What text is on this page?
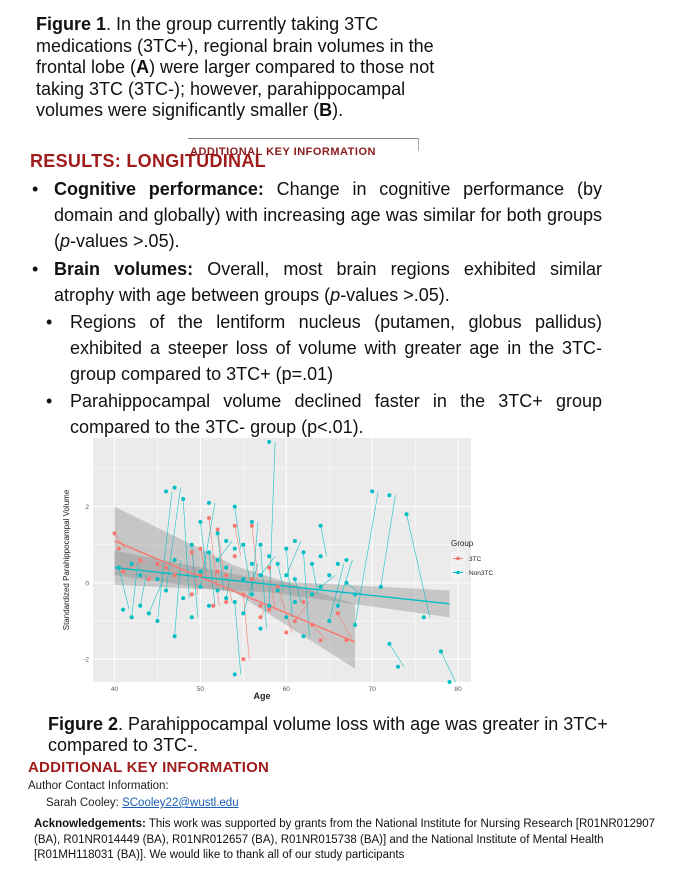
Figure 1. In the group currently taking 3TC medications (3TC+), regional brain volumes in the frontal lobe (A) were larger compared to those not taking 3TC (3TC-); however, parahippocampal volumes were significantly smaller (B).
ADDITIONAL KEY INFORMATION
RESULTS: LONGITUDINAL
• Cognitive performance: Change in cognitive performance (by domain and globally) with increasing age was similar for both groups (p-values >.05).
• Brain volumes: Overall, most brain regions exhibited similar atrophy with age between groups (p-values >.05).
• Regions of the lentiform nucleus (putamen, globus pallidus) exhibited a steeper loss of volume with greater age in the 3TC- group compared to 3TC+ (p=.01)
• Parahippocampal volume declined faster in the 3TC+ group compared to the 3TC- group (p<.01).
40	50	60	70	80
-2
0
2
Age
Standardized Parahippocampal Volume	Group
3TC
Non3TC
Figure 2. Parahippocampal volume loss with age was greater in 3TC+ compared to 3TC-.
ADDITIONAL KEY INFORMATION
Author Contact Information:
Sarah Cooley: SCooley22@wustl.edu
Acknowledgements: This work was supported by grants from the National Institute for Nursing Research [R01NR012907 (BA), R01NR014449 (BA), R01NR012657 (BA), R01NR015738 (BA)] and the National Institute of Mental Health [R01MH118031 (BA)]. We would like to thank all of our study participants
